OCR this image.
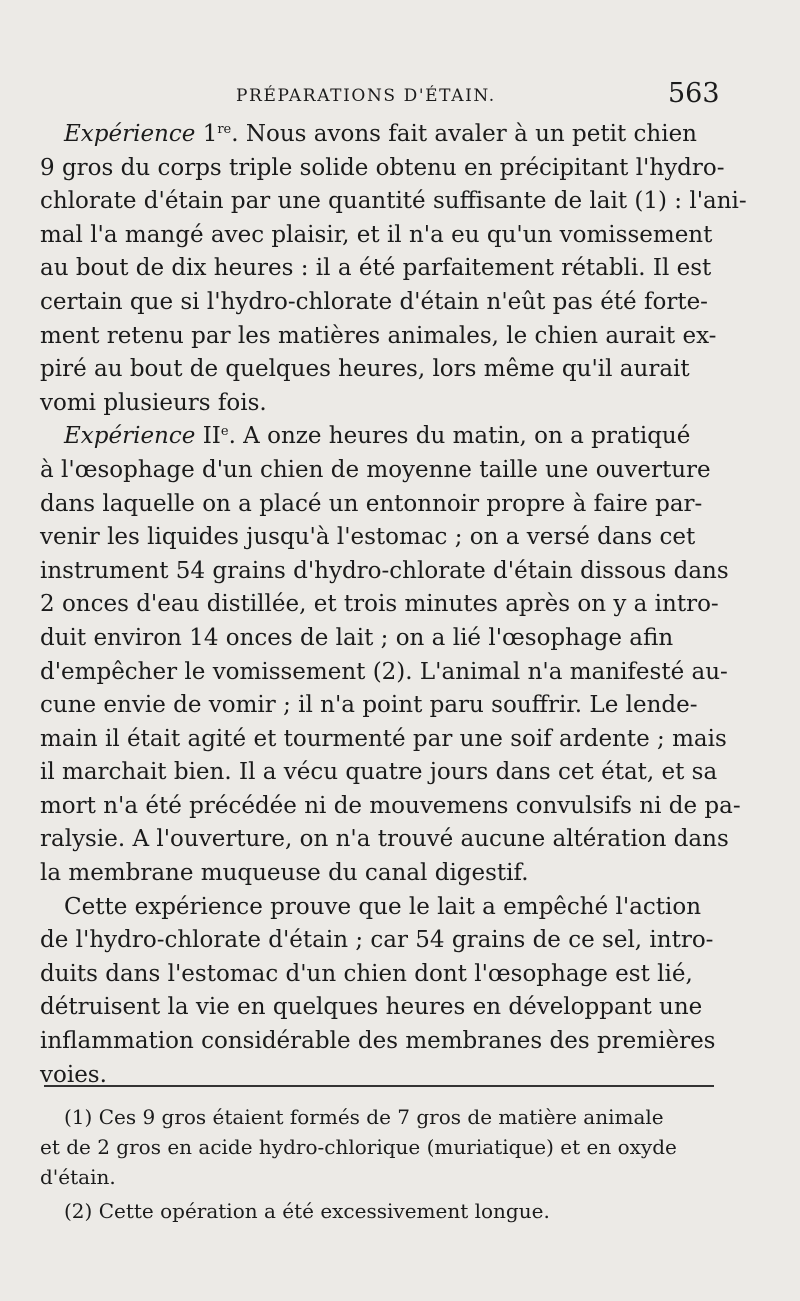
PRÉPARATIONS D'ÉTAIN.	563
Expérience 1re. Nous avons fait avaler à un petit chien
9 gros du corps triple solide obtenu en précipitant l'hydro-
chlorate d'étain par une quantité suffisante de lait (1) : l'ani-
mal l'a mangé avec plaisir, et il n'a eu qu'un vomissement
au bout de dix heures : il a été parfaitement rétabli. Il est
certain que si l'hydro-chlorate d'étain n'eût pas été forte-
ment retenu par les matières animales, le chien aurait ex-
piré au bout de quelques heures, lors même qu'il aurait
vomi plusieurs fois.
Expérience IIe. A onze heures du matin, on a pratiqué
à l'œsophage d'un chien de moyenne taille une ouverture
dans laquelle on a placé un entonnoir propre à faire par-
venir les liquides jusqu'à l'estomac ; on a versé dans cet
instrument 54 grains d'hydro-chlorate d'étain dissous dans
2 onces d'eau distillée, et trois minutes après on y a intro-
duit environ 14 onces de lait ; on a lié l'œsophage afin
d'empêcher le vomissement (2). L'animal n'a manifesté au-
cune envie de vomir ; il n'a point paru souffrir. Le lende-
main il était agité et tourmenté par une soif ardente ; mais
il marchait bien. Il a vécu quatre jours dans cet état, et sa
mort n'a été précédée ni de mouvemens convulsifs ni de pa-
ralysie. A l'ouverture, on n'a trouvé aucune altération dans
la membrane muqueuse du canal digestif.
Cette expérience prouve que le lait a empêché l'action
de l'hydro-chlorate d'étain ; car 54 grains de ce sel, intro-
duits dans l'estomac d'un chien dont l'œsophage est lié,
détruisent la vie en quelques heures en développant une
inflammation considérable des membranes des premières
voies.
(1) Ces 9 gros étaient formés de 7 gros de matière animale
et de 2 gros en acide hydro-chlorique (muriatique) et en oxyde
d'étain.
(2) Cette opération a été excessivement longue.
